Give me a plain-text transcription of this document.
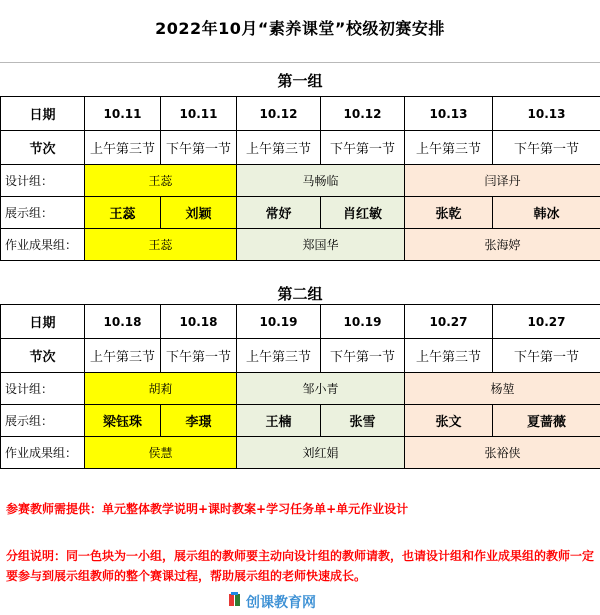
2022年10月“素养课堂”校级初赛安排
第一组
日期	10.11	10.11	10.12	10.12	10.13	10.13
节次	上午第三节	下午第一节	上午第三节	下午第一节	上午第三节	下午第一节
设计组：	王蕊		马畅临		闫译丹	
展示组：	王蕊	刘颖	常妤	肖红敏	张乾	韩冰
作业成果组：	王蕊		郑国华		张海婷	
第二组
日期	10.18	10.18	10.19	10.19	10.27	10.27
节次	上午第三节	下午第一节	上午第三节	下午第一节	上午第三节	下午第一节
设计组：	胡莉		邹小青		杨堃	
展示组：	梁钰珠	李璟	王楠	张雪	张文	夏蔷薇
作业成果组：	侯慧		刘红娟		张裕侠	
参赛教师需提供：单元整体教学说明+课时教案+学习任务单+单元作业设计
分组说明：同一色块为一小组，展示组的教师要主动向设计组的教师请教，也请设计组和作业成果组的教师一定要参与到展示组教师的整个赛课过程，帮助展示组的老师快速成长。
创课教育网
